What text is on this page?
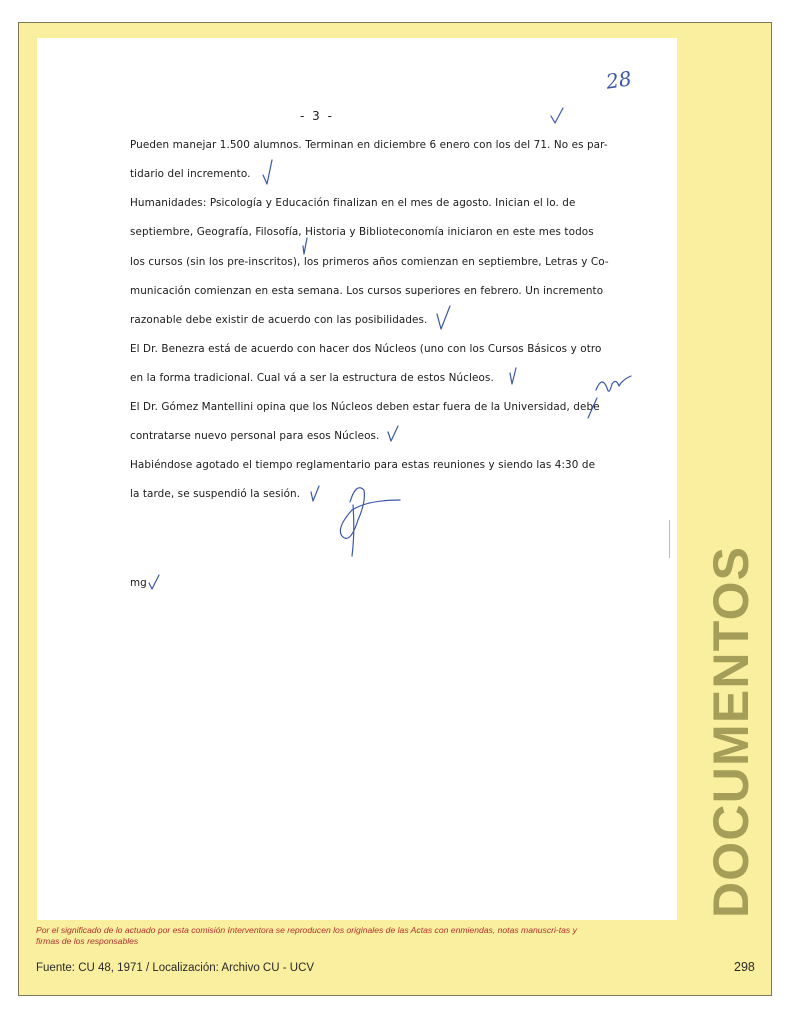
28
- 3 -
Pueden manejar 1.500 alumnos. Terminan en diciembre 6 enero con los del 71. No es par-
tidario del incremento.
Humanidades: Psicología y Educación finalizan en el mes de agosto. Inician el lo. de
septiembre, Geografía, Filosofía, Historia y Biblioteconomía iniciaron en este mes todos
los cursos (sin los pre-inscritos), los primeros años comienzan en septiembre, Letras y Co-
municación comienzan en esta semana. Los cursos superiores en febrero. Un incremento
razonable debe existir de acuerdo con las posibilidades.
El Dr. Benezra está de acuerdo con hacer dos Núcleos (uno con los Cursos Básicos y otro
en la forma tradicional. Cual vá a ser la estructura de estos Núcleos.
El Dr. Gómez Mantellini opina que los Núcleos deben estar fuera de la Universidad, debe
contratarse nuevo personal para esos Núcleos.
Habiéndose agotado el tiempo reglamentario para estas reuniones y siendo las 4:30 de
la tarde, se suspendió la sesión.
mg	DOCUMENTOS
Por el significado de lo actuado por esta comisión Interventora se reproducen los originales de las Actas con enmiendas, notas manuscri-tas y firmas de los responsables
Fuente: CU 48, 1971 / Localización: Archivo CU - UCV	298
